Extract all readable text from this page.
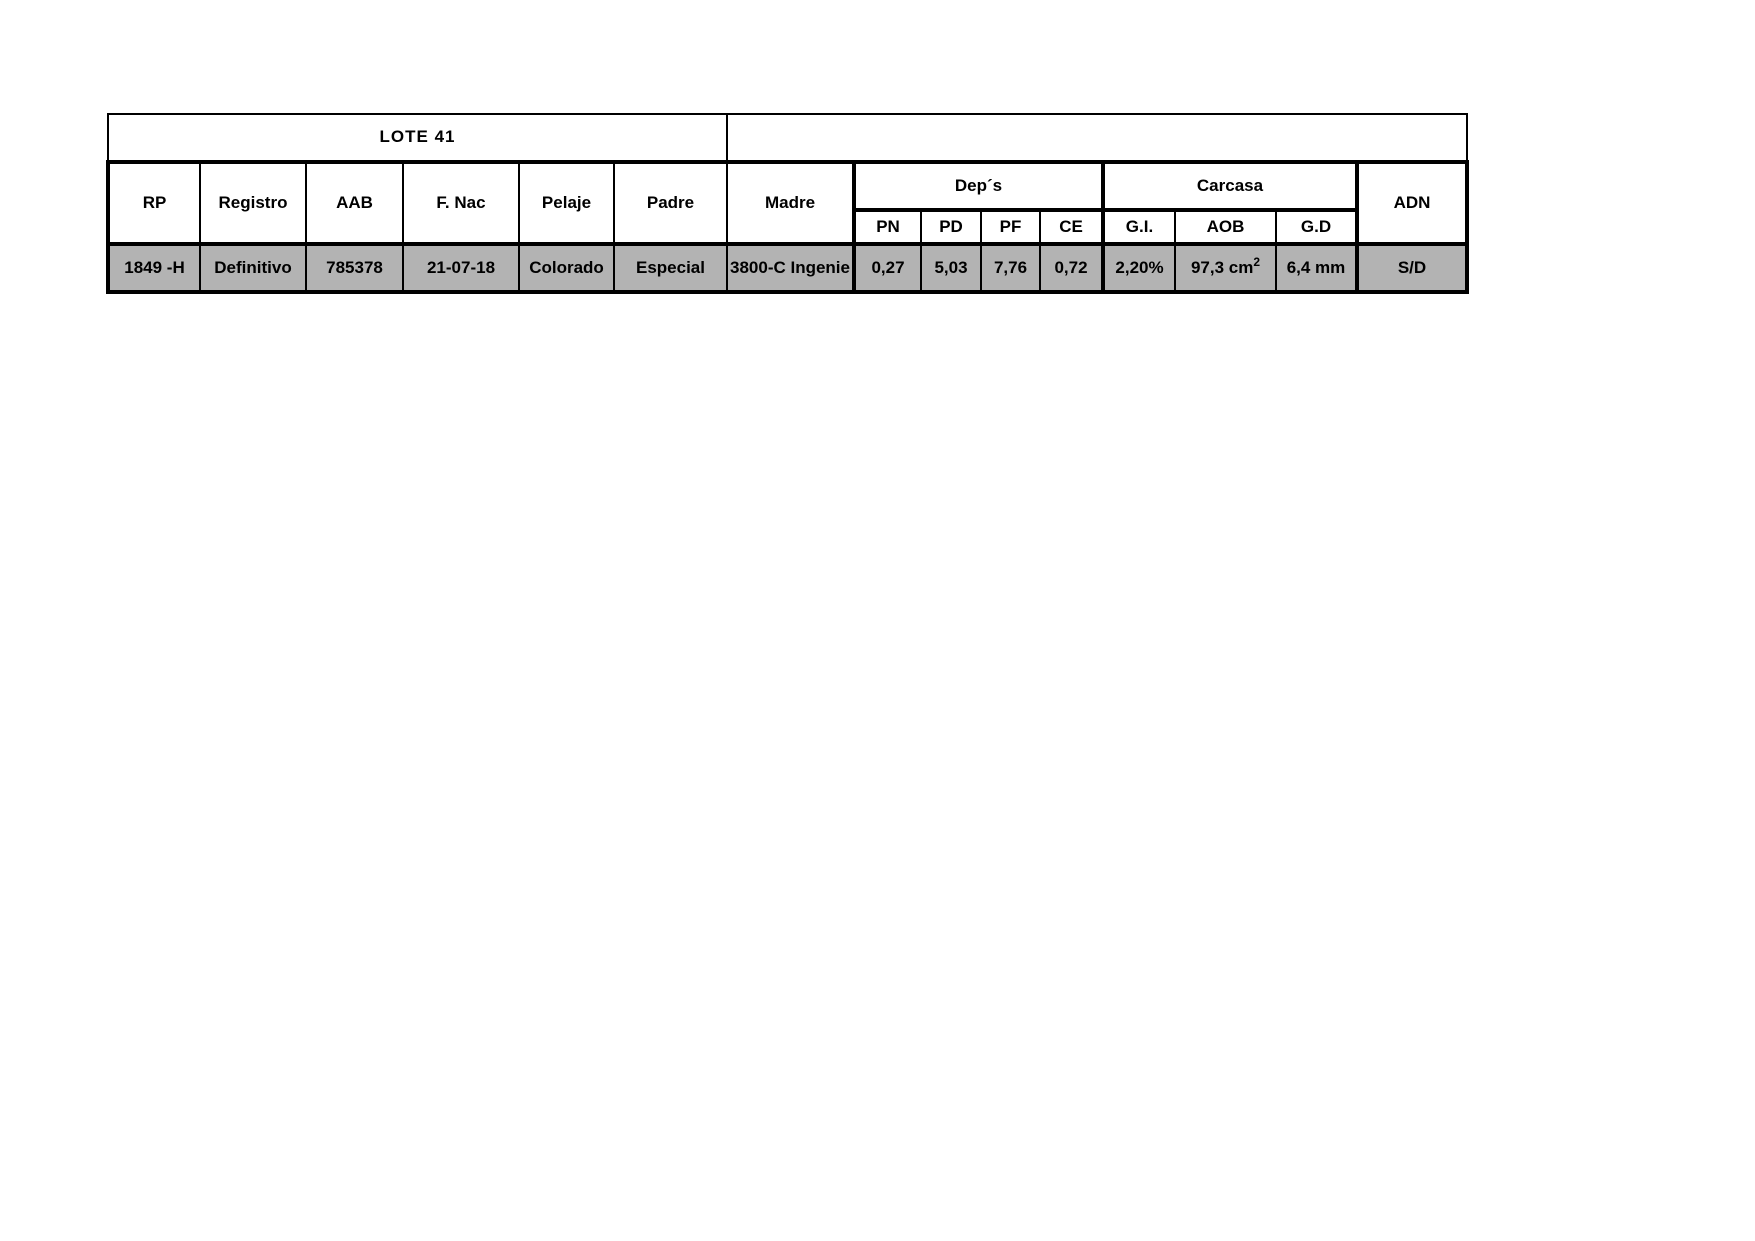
LOTE 41														
RP	Registro	AAB	F. Nac	Pelaje	Padre	Madre	Dep´s				Carcasa			ADN
							PN	PD	PF	CE	G.I.	AOB	G.D	
1849 -H	Definitivo	785378	21-07-18	Colorado	Especial	3800-C Ingenie	0,27	5,03	7,76	0,72	2,20%	97,3 $cm^2$	6,4 mm	S/D
